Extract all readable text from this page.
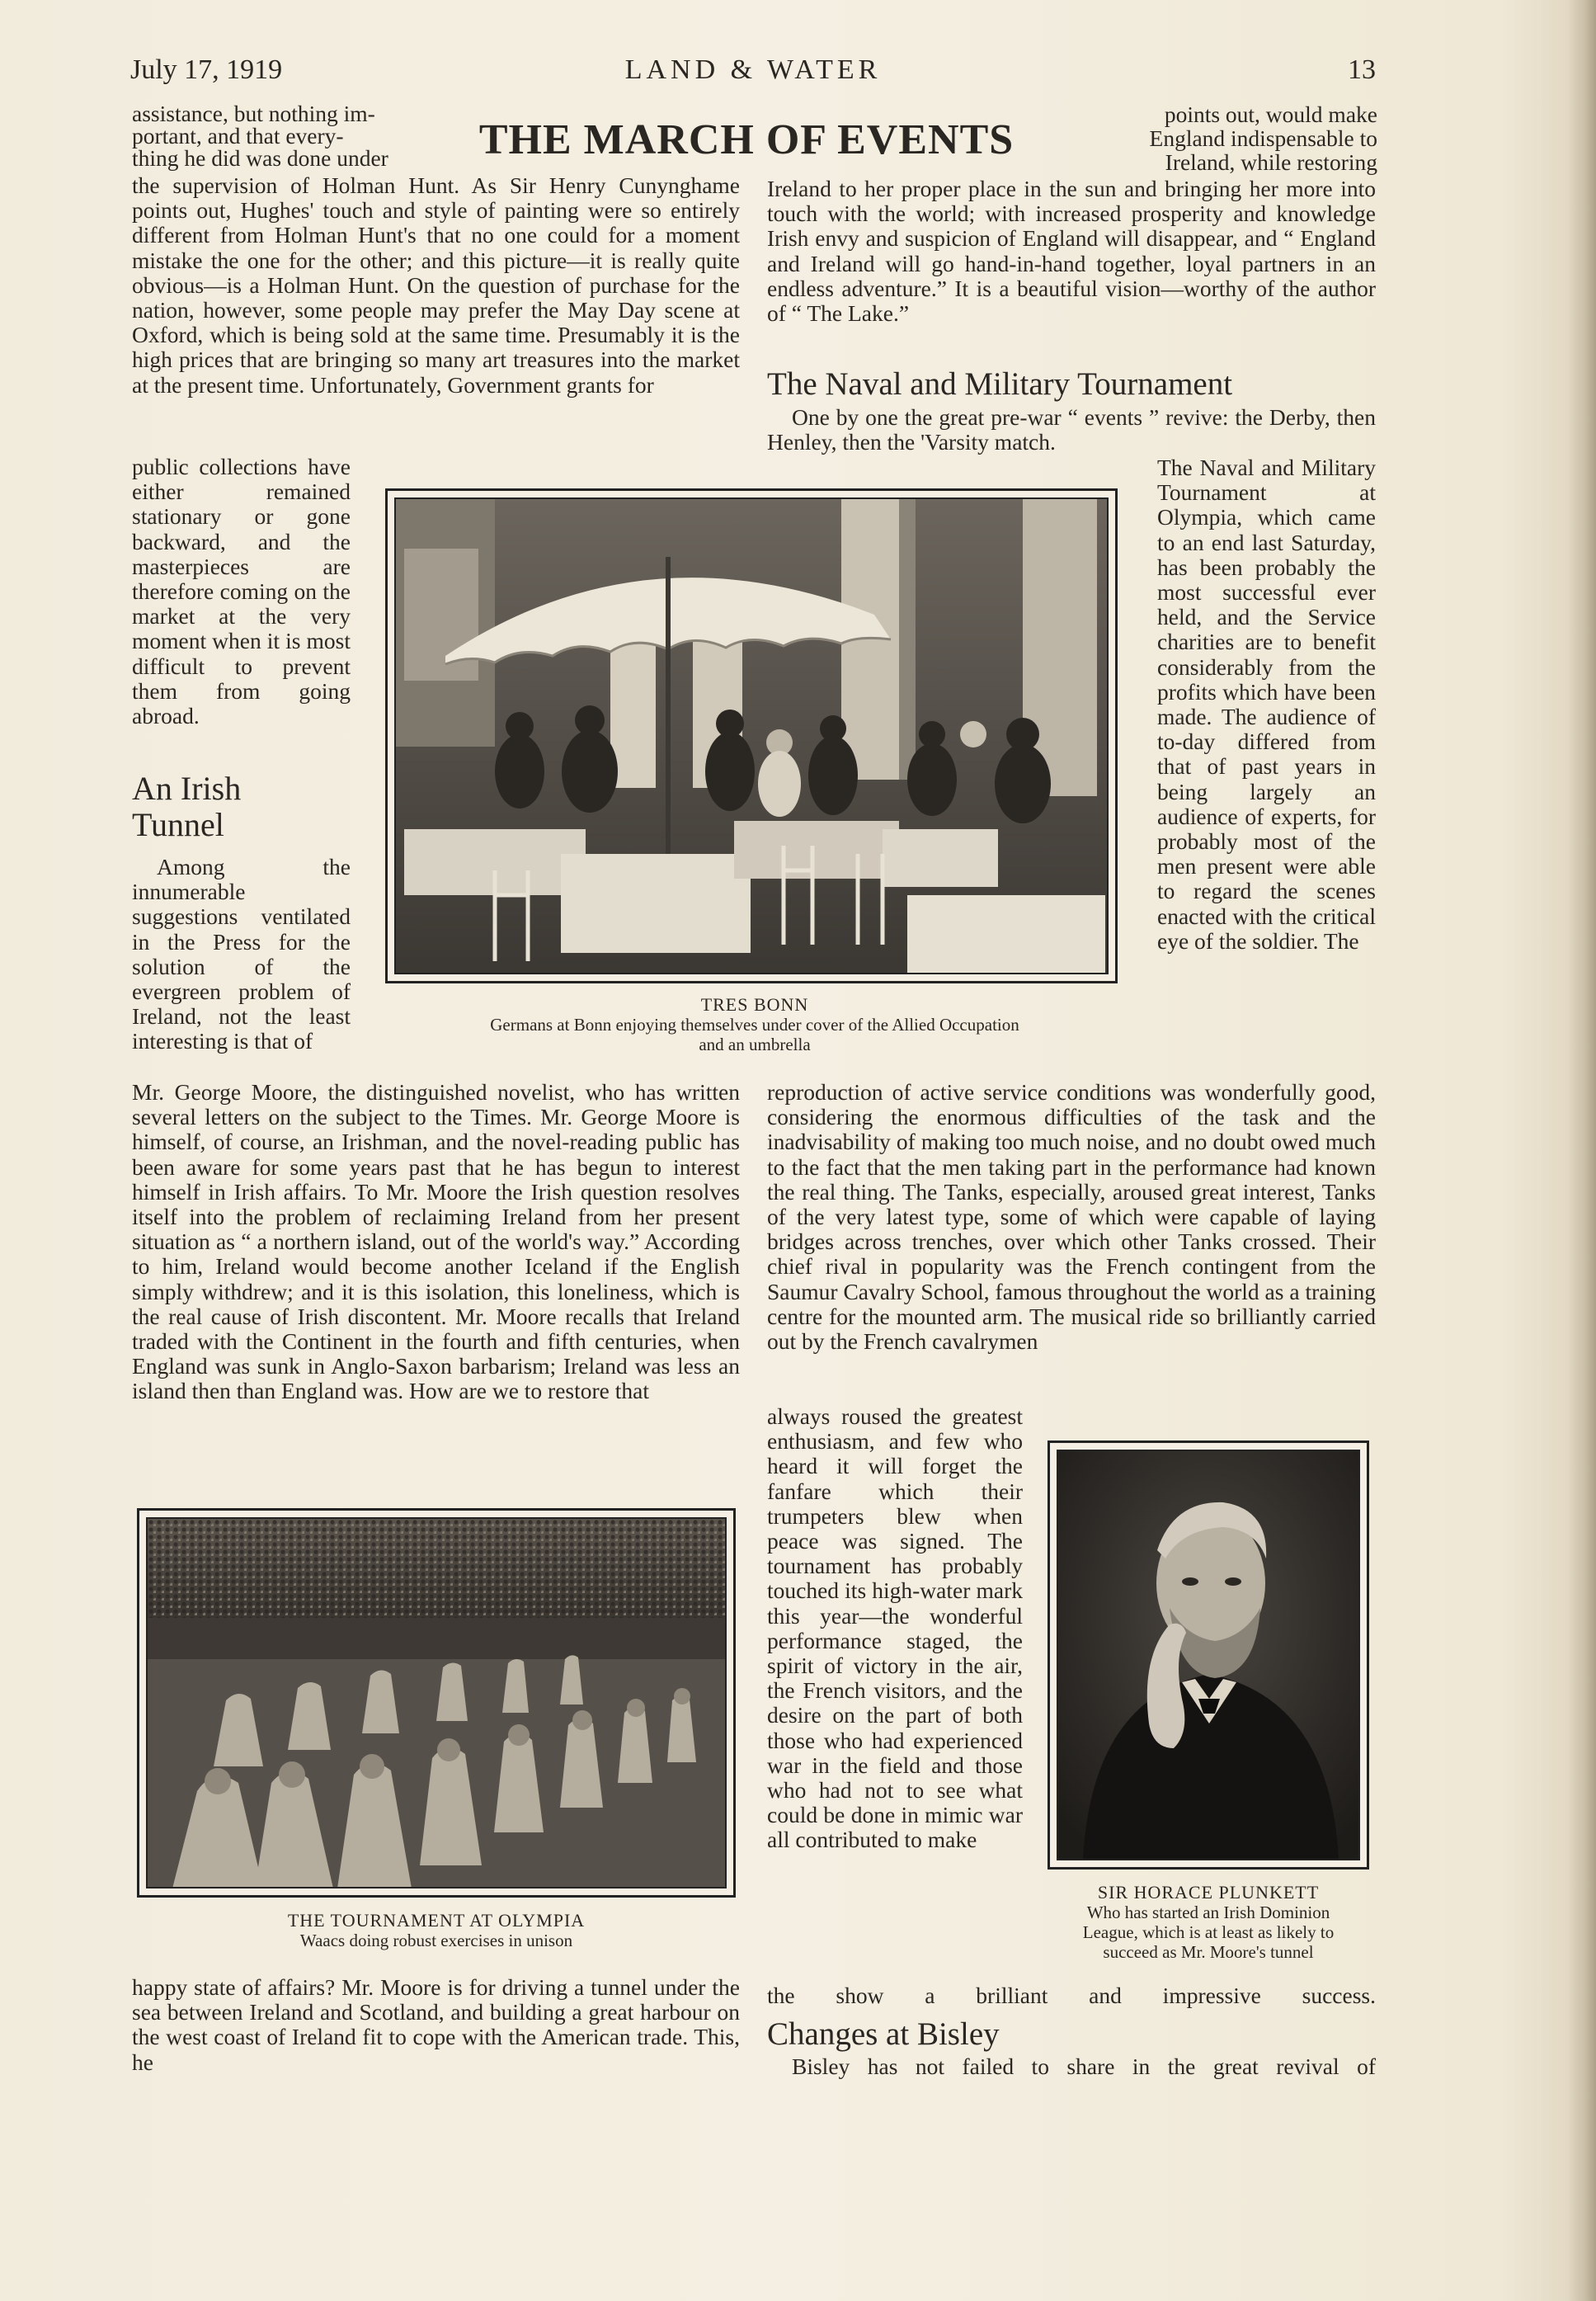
July 17, 1919	LAND & WATER	13
THE MARCH OF EVENTS

assistance, but nothing im-

portant, and that every-

thing he did was done under

the supervision of Holman Hunt. As Sir Henry Cunynghame points out, Hughes' touch and style of painting were so entirely different from Holman Hunt's that no one could for a moment mistake the one for the other; and this picture—it is really quite obvious—is a Holman Hunt. On the question of purchase for the nation, however, some people may prefer the May Day scene at Oxford, which is being sold at the same time. Presumably it is the high prices that are bringing so many art treasures into the market at the present time. Unfortunately, Government grants for

public collections have either remained stationary or gone backward, and the masterpieces are therefore coming on the market at the very moment when it is most difficult to prevent them from going abroad.

An Irish
Tunnel

Among the innumerable suggestions ventilated in the Press for the solution of the evergreen problem of Ireland, not the least interesting is that of

Mr. George Moore, the distinguished novelist, who has written several letters on the subject to the Times. Mr. George Moore is himself, of course, an Irishman, and the novel-reading public has been aware for some years past that he has begun to interest himself in Irish affairs. To Mr. Moore the Irish question resolves itself into the problem of reclaiming Ireland from her present situation as “ a northern island, out of the world's way.” According to him, Ireland would become another Iceland if the English simply withdrew; and it is this isolation, this loneliness, which is the real cause of Irish discontent. Mr. Moore recalls that Ireland traded with the Continent in the fourth and fifth centuries, when England was sunk in Anglo-Saxon barbarism; Ireland was less an island then than England was. How are we to restore that

TRES BONN
Germans at Bonn enjoying themselves under cover of the Allied Occupation
and an umbrella

points out, would make

England indispensable to

Ireland, while restoring

Ireland to her proper place in the sun and bringing her more into touch with the world; with increased prosperity and knowledge Irish envy and suspicion of England will disappear, and “ England and Ireland will go hand-in-hand together, loyal partners in an endless adventure.” It is a beautiful vision—worthy of the author of “ The Lake.”

The Naval and Military Tournament

One by one the great pre-war “ events ” revive: the Derby, then Henley, then the 'Varsity match.

The Naval and Military Tournament at Olympia, which came to an end last Saturday, has been probably the most successful ever held, and the Service charities are to benefit considerably from the profits which have been made. The audience of to-day differed from that of past years in being largely an audience of experts, for probably most of the men present were able to regard the scenes enacted with the critical eye of the soldier. The

reproduction of active service conditions was wonderfully good, considering the enormous difficulties of the task and the inadvisability of making too much noise, and no doubt owed much to the fact that the men taking part in the performance had known the real thing. The Tanks, especially, aroused great interest, Tanks of the very latest type, some of which were capable of laying bridges across trenches, over which other Tanks crossed. Their chief rival in popularity was the French contingent from the Saumur Cavalry School, famous throughout the world as a training centre for the mounted arm. The musical ride so brilliantly carried out by the French cavalrymen

always roused the greatest enthusiasm, and few who heard it will forget the fanfare which their trumpeters blew when peace was signed. The tournament has probably touched its high-water mark this year—the wonderful performance staged, the spirit of victory in the air, the French visitors, and the desire on the part of both those who had experienced war in the field and those who had not to see what could be done in mimic war all contributed to make

the show a brilliant and impressive success.

SIR HORACE PLUNKETT
Who has started an Irish Dominion
League, which is at least as likely to
succeed as Mr. Moore's tunnel
THE TOURNAMENT AT OLYMPIA
Waacs doing robust exercises in unison

happy state of affairs? Mr. Moore is for driving a tunnel under the sea between Ireland and Scotland, and building a great harbour on the west coast of Ireland fit to cope with the American trade. This, he

Changes at Bisley

Bisley has not failed to share in the great revival of
